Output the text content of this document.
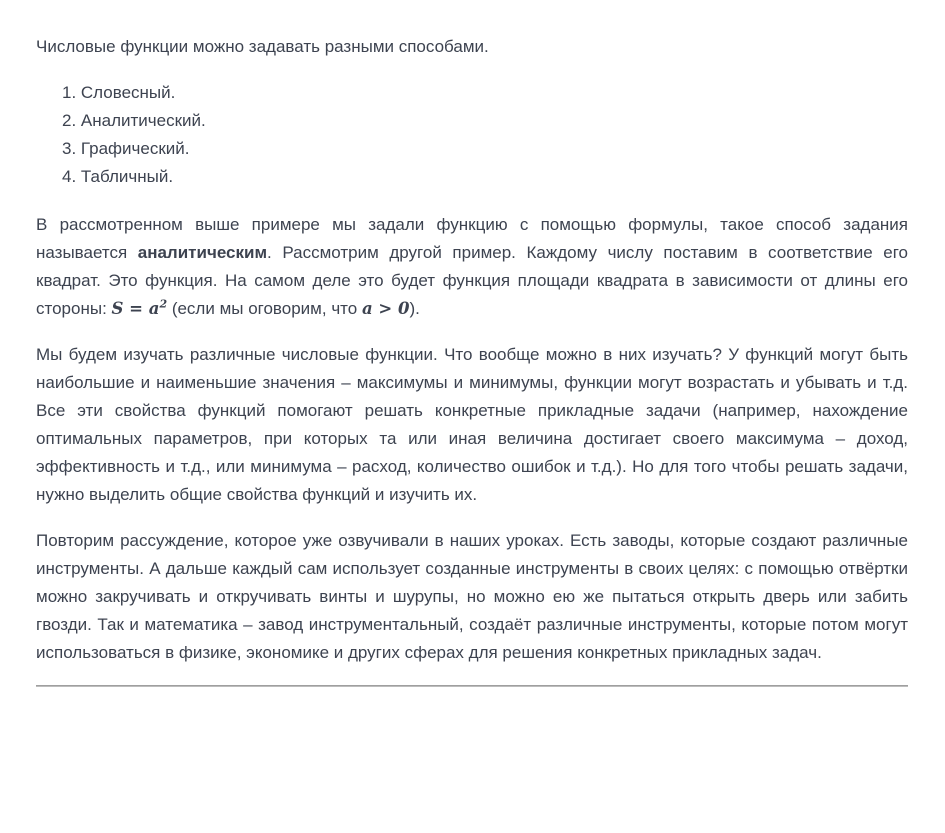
Числовые функции можно задавать разными способами.

1. Словесный.
2. Аналитический.
3. Графический.
4. Табличный.

В рассмотренном выше примере мы задали функцию с помощью формулы, такое способ задания называется аналитическим. Рассмотрим другой пример. Каждому числу поставим в соответствие его квадрат. Это функция. На самом деле это будет функция площади квадрата в зависимости от длины его стороны: $S = a^2$ (если мы оговорим, что a > 0).

Мы будем изучать различные числовые функции. Что вообще можно в них изучать? У функций могут быть наибольшие и наименьшие значения – максимумы и минимумы, функции могут возрастать и убывать и т.д. Все эти свойства функций помогают решать конкретные прикладные задачи (например, нахождение оптимальных параметров, при которых та или иная величина достигает своего максимума – доход, эффективность и т.д., или минимума – расход, количество ошибок и т.д.). Но для того чтобы решать задачи, нужно выделить общие свойства функций и изучить их.

Повторим рассуждение, которое уже озвучивали в наших уроках. Есть заводы, которые создают различные инструменты. А дальше каждый сам использует созданные инструменты в своих целях: с помощью отвёртки можно закручивать и откручивать винты и шурупы, но можно ею же пытаться открыть дверь или забить гвозди. Так и математика – завод инструментальный, создаёт различные инструменты, которые потом могут использоваться в физике, экономике и других сферах для решения конкретных прикладных задач.
